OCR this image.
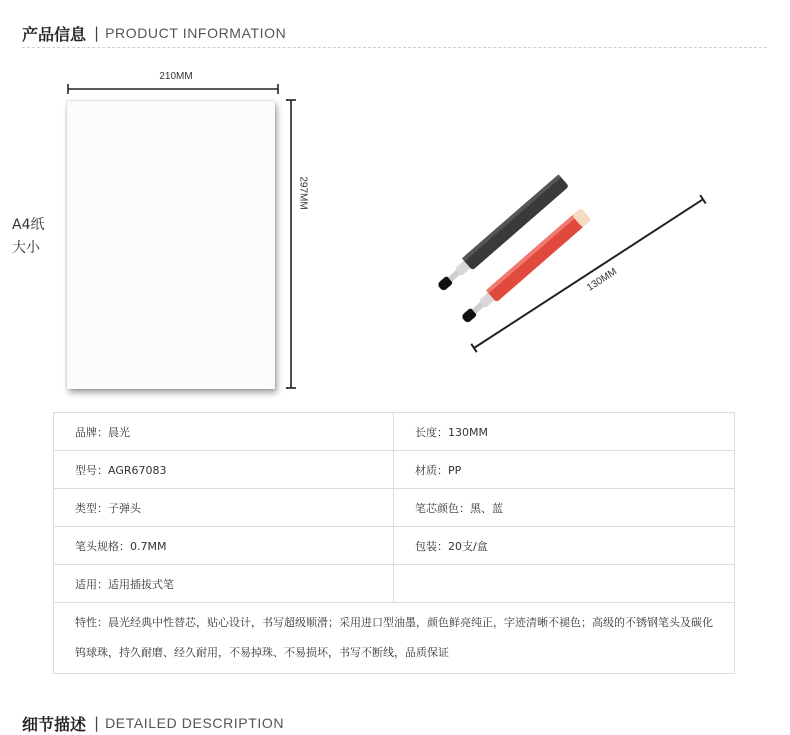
产品信息 | PRODUCT INFORMATION
A4纸
大小
210MM
297MM
130MM
品牌：晨光	长度：130MM
型号：AGR67083	材质：PP
类型：子弹头	笔芯颜色：黑、蓝
笔头规格：0.7MM	包装：20支/盒
适用：适用插拔式笔	
特性：晨光经典中性替芯，贴心设计，书写超级顺滑；采用进口型油墨，颜色鲜亮纯正，字迹清晰不褪色；高级的不锈钢笔头及碳化钨球珠，持久耐磨、经久耐用，不易掉珠、不易损坏，书写不断线，品质保证	
细节描述 | DETAILED DESCRIPTION
